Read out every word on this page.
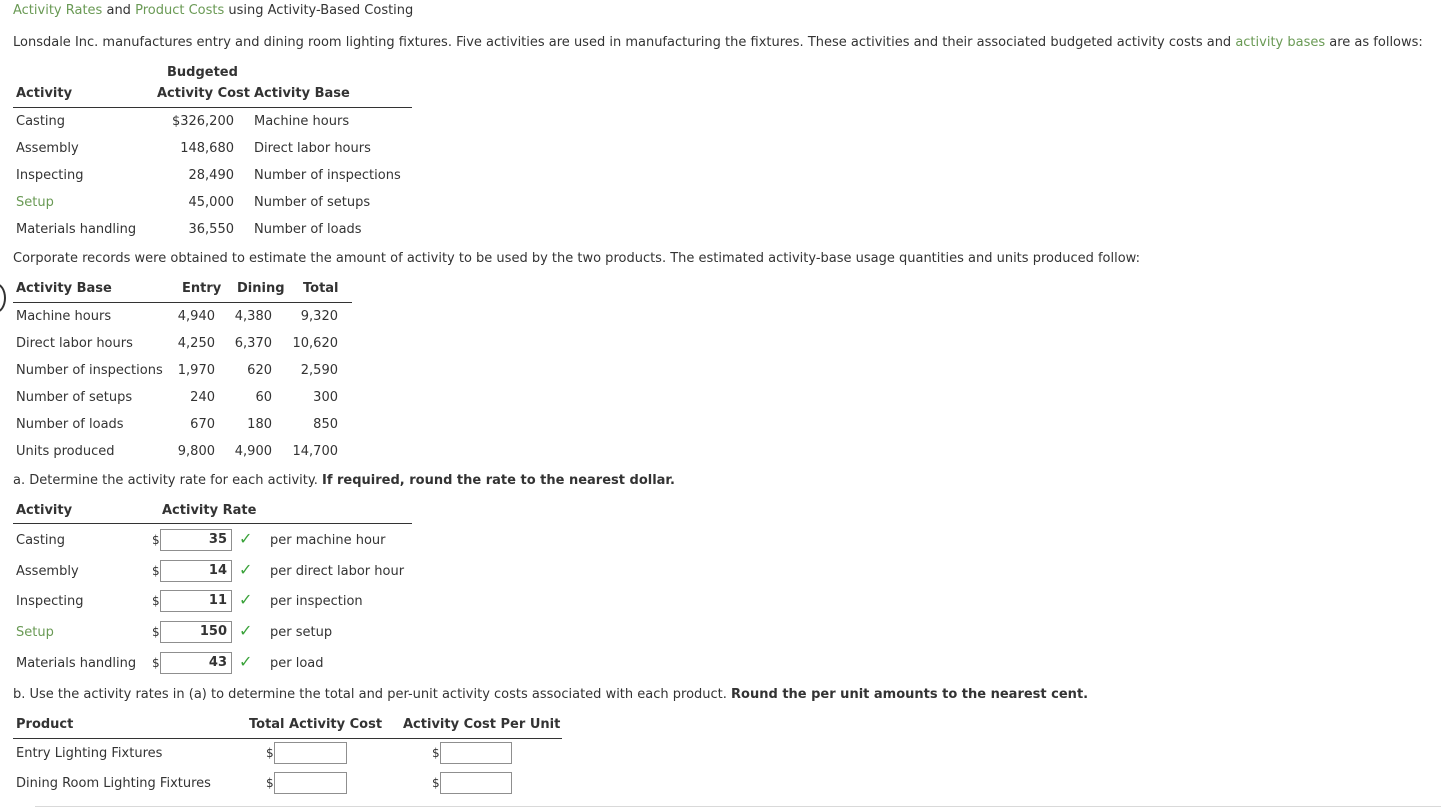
Activity Rates and Product Costs using Activity-Based Costing
Lonsdale Inc. manufactures entry and dining room lighting fixtures. Five activities are used in manufacturing the fixtures. These activities and their associated budgeted activity costs and activity bases are as follows:
Budgeted
Activity	Activity Cost Activity Base
Casting	$326,200 Machine hours
Assembly	148,680 Direct labor hours
Inspecting	28,490 Number of inspections
Setup	45,000 Number of setups
Materials handling	36,550 Number of loads
Corporate records were obtained to estimate the amount of activity to be used by the two products. The estimated activity-base usage quantities and units produced follow:
Activity Base	Entry Dining Total
Machine hours	4,940	4,380	9,320
Direct labor hours	4,250	6,370	10,620
Number of inspections	1,970	620	2,590
Number of setups	240	60	300
Number of loads	670	180	850
Units produced	9,800	4,900	14,700
a. Determine the activity rate for each activity. If required, round the rate to the nearest dollar.
Activity	Activity Rate
Casting	$	35 ✓ per machine hour
Assembly	$	14 ✓ per direct labor hour
Inspecting	$	11 ✓ per inspection
Setup	$	150 ✓ per setup
Materials handling $	43 ✓ per load
b. Use the activity rates in (a) to determine the total and per-unit activity costs associated with each product. Round the per unit amounts to the nearest cent.
Product	Total Activity Cost Activity Cost Per Unit
Entry Lighting Fixtures	$	$
Dining Room Lighting Fixtures	$	$
